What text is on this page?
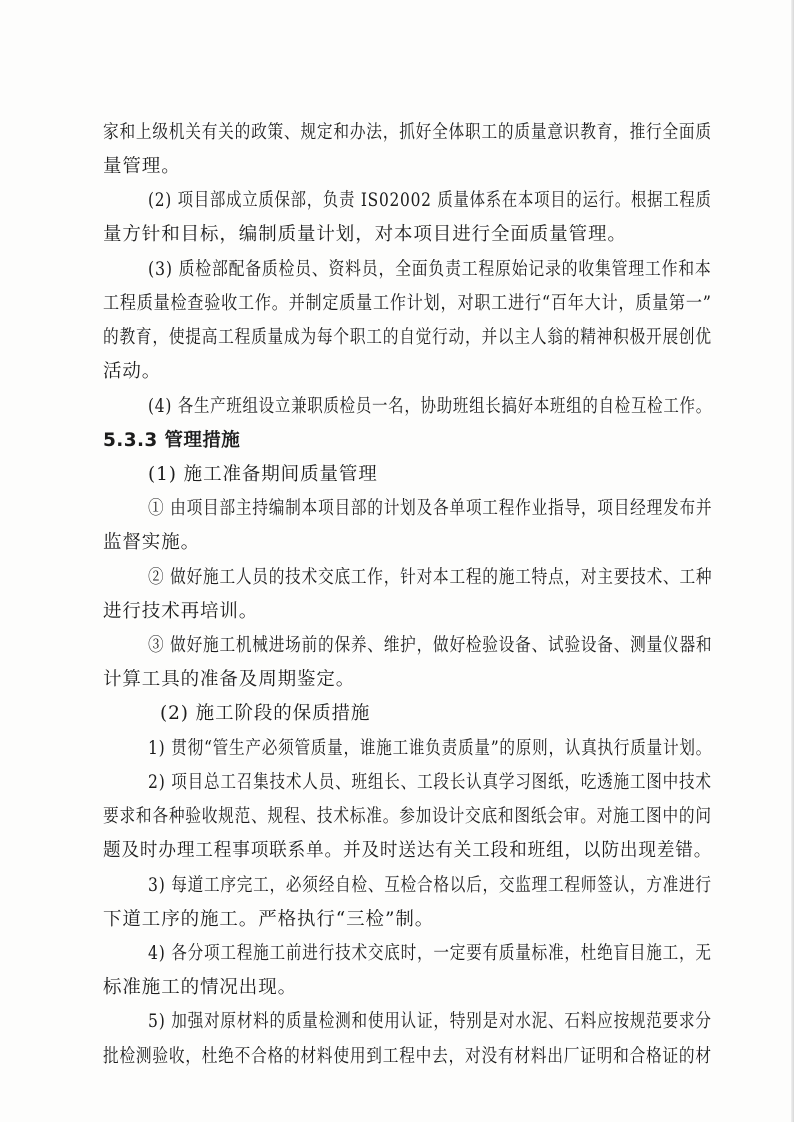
家和上级机关有关的政策、规定和办法，抓好全体职工的质量意识教育，推行全面质
量管理。
(2) 项目部成立质保部，负责 IS02002 质量体系在本项目的运行。根据工程质
量方针和目标，编制质量计划，对本项目进行全面质量管理。
(3) 质检部配备质检员、资料员，全面负责工程原始记录的收集管理工作和本
工程质量检查验收工作。并制定质量工作计划，对职工进行“百年大计，质量第一”
的教育，使提高工程质量成为每个职工的自觉行动，并以主人翁的精神积极开展创优
活动。
(4) 各生产班组设立兼职质检员一名，协助班组长搞好本班组的自检互检工作。
5.3.3 管理措施
(1) 施工准备期间质量管理
① 由项目部主持编制本项目部的计划及各单项工程作业指导，项目经理发布并
监督实施。
② 做好施工人员的技术交底工作，针对本工程的施工特点，对主要技术、工种
进行技术再培训。
③ 做好施工机械进场前的保养、维护，做好检验设备、试验设备、测量仪器和
计算工具的准备及周期鉴定。
(2) 施工阶段的保质措施
1) 贯彻“管生产必须管质量，谁施工谁负责质量”的原则，认真执行质量计划。
2) 项目总工召集技术人员、班组长、工段长认真学习图纸，吃透施工图中技术
要求和各种验收规范、规程、技术标准。参加设计交底和图纸会审。对施工图中的问
题及时办理工程事项联系单。并及时送达有关工段和班组，以防出现差错。
3) 每道工序完工，必须经自检、互检合格以后，交监理工程师签认，方准进行
下道工序的施工。严格执行“三检”制。
4) 各分项工程施工前进行技术交底时，一定要有质量标准，杜绝盲目施工，无
标准施工的情况出现。
5) 加强对原材料的质量检测和使用认证，特别是对水泥、石料应按规范要求分
批检测验收，杜绝不合格的材料使用到工程中去，对没有材料出厂证明和合格证的材
